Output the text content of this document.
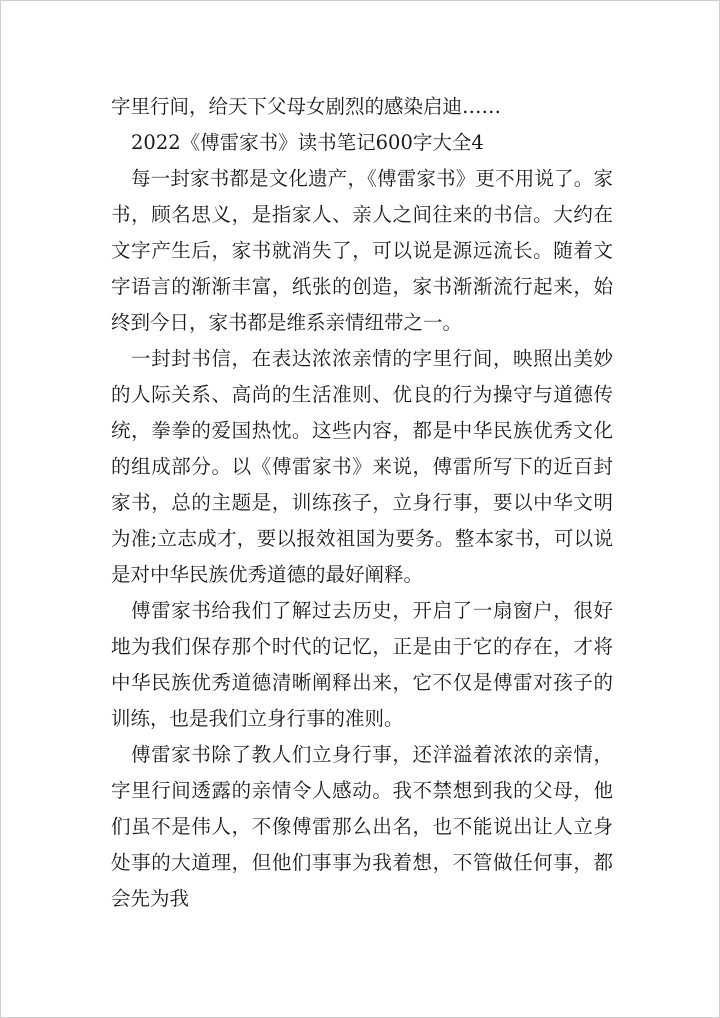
字里行间，给天下父母女剧烈的感染启迪……

2022《傅雷家书》读书笔记600字大全4

每一封家书都是文化遗产，《傅雷家书》更不用说了。家书，顾名思义，是指家人、亲人之间往来的书信。大约在文字产生后，家书就消失了，可以说是源远流长。随着文字语言的渐渐丰富，纸张的创造，家书渐渐流行起来，始终到今日，家书都是维系亲情纽带之一。

一封封书信，在表达浓浓亲情的字里行间，映照出美妙的人际关系、高尚的生活准则、优良的行为操守与道德传统，拳拳的爱国热忱。这些内容，都是中华民族优秀文化的组成部分。以《傅雷家书》来说，傅雷所写下的近百封家书，总的主题是，训练孩子，立身行事，要以中华文明为准;立志成才，要以报效祖国为要务。整本家书，可以说是对中华民族优秀道德的最好阐释。

傅雷家书给我们了解过去历史，开启了一扇窗户，很好地为我们保存那个时代的记忆，正是由于它的存在，才将中华民族优秀道德清晰阐释出来，它不仅是傅雷对孩子的训练，也是我们立身行事的准则。

傅雷家书除了教人们立身行事，还洋溢着浓浓的亲情，字里行间透露的亲情令人感动。我不禁想到我的父母，他们虽不是伟人，不像傅雷那么出名，也不能说出让人立身处事的大道理，但他们事事为我着想，不管做任何事，都会先为我
